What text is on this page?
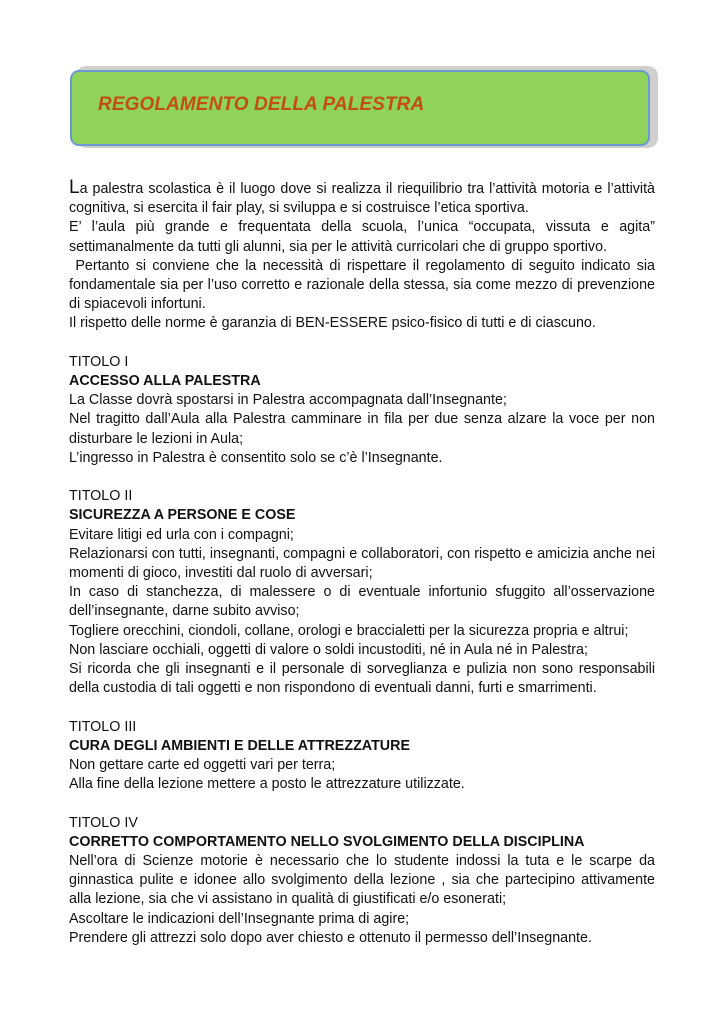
REGOLAMENTO DELLA PALESTRA

La palestra scolastica è il luogo dove si realizza il riequilibrio tra l’attività motoria e l’attività cognitiva, si esercita il fair play, si sviluppa e si costruisce l’etica sportiva.

E’ l’aula più grande e frequentata della scuola, l’unica “occupata, vissuta e agita” settimanalmente da tutti gli alunni, sia per le attività curricolari che di gruppo sportivo.

Pertanto si conviene che la necessità di rispettare il regolamento di seguito indicato sia fondamentale sia per l’uso corretto e razionale della stessa, sia come mezzo di prevenzione di spiacevoli infortuni.

Il rispetto delle norme è garanzia di BEN-ESSERE psico-fisico di tutti e di ciascuno.

TITOLO I

ACCESSO ALLA PALESTRA

La Classe dovrà spostarsi in Palestra accompagnata dall’Insegnante;

Nel tragitto dall’Aula alla Palestra camminare in fila per due senza alzare la voce per non disturbare le lezioni in Aula;

L’ingresso in Palestra è consentito solo se c’è l’Insegnante.

TITOLO II

SICUREZZA A PERSONE E COSE

Evitare litigi ed urla con i compagni;

Relazionarsi con tutti, insegnanti, compagni e collaboratori, con rispetto e amicizia anche nei momenti di gioco, investiti dal ruolo di avversari;

In caso di stanchezza, di malessere o di eventuale infortunio sfuggito all’osservazione dell’insegnante, darne subito avviso;

Togliere orecchini, ciondoli, collane, orologi e braccialetti per la sicurezza propria e altrui;

Non lasciare occhiali, oggetti di valore o soldi incustoditi, né in Aula né in Palestra;

Si ricorda che gli insegnanti e il personale di sorveglianza e pulizia non sono responsabili della custodia di tali oggetti e non rispondono di eventuali danni, furti e smarrimenti.

TITOLO III

CURA DEGLI AMBIENTI E DELLE ATTREZZATURE

Non gettare carte ed oggetti vari per terra;

Alla fine della lezione mettere a posto le attrezzature utilizzate.

TITOLO IV

CORRETTO COMPORTAMENTO NELLO SVOLGIMENTO DELLA DISCIPLINA

Nell’ora di Scienze motorie è necessario che lo studente indossi la tuta e le scarpe da ginnastica pulite e idonee allo svolgimento della lezione , sia che partecipino attivamente alla lezione, sia che vi assistano in qualità di giustificati e/o esonerati;

Ascoltare le indicazioni dell’Insegnante prima di agire;

Prendere gli attrezzi solo dopo aver chiesto e ottenuto il permesso dell’Insegnante.
